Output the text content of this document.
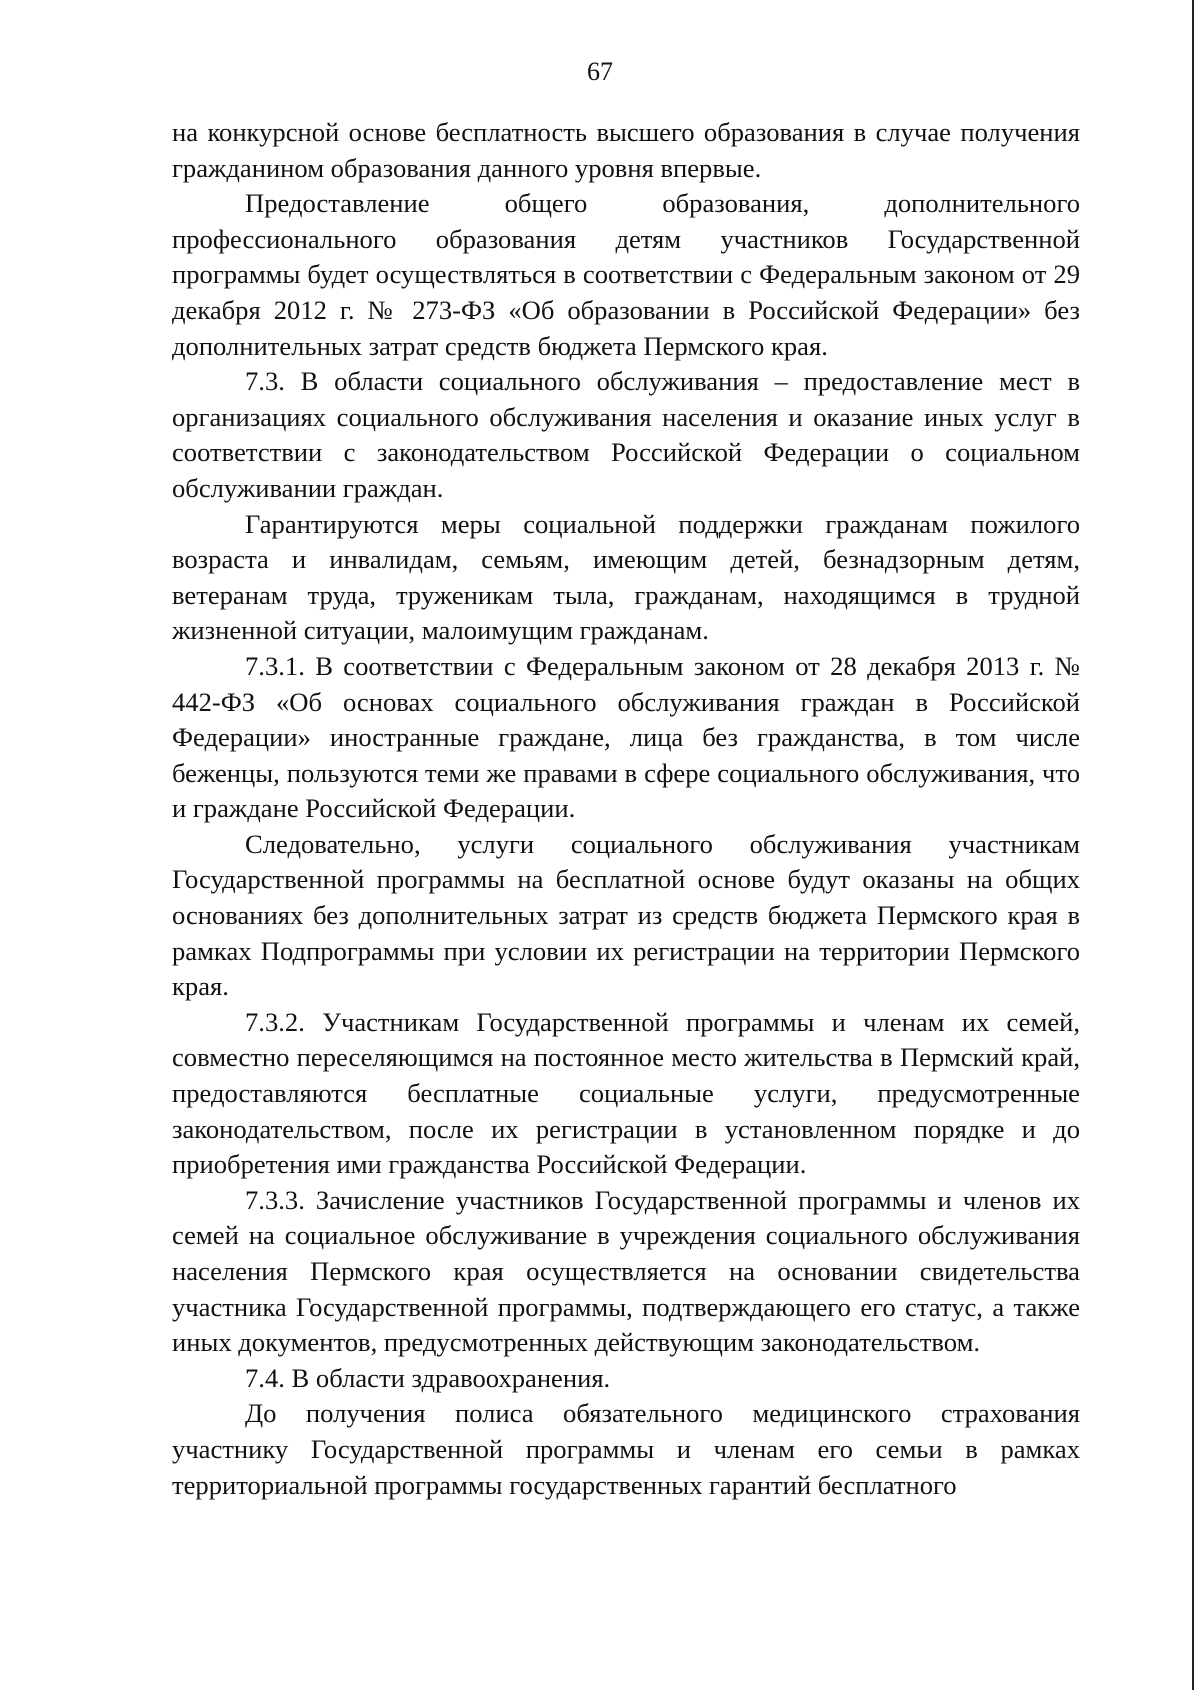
67

на конкурсной основе бесплатность высшего образования в случае получения гражданином образования данного уровня впервые.

Предоставление общего образования, дополнительного профессионального образования детям участников Государственной программы будет осуществляться в соответствии с Федеральным законом от 29 декабря 2012 г. № 273-ФЗ «Об образовании в Российской Федерации» без дополнительных затрат средств бюджета Пермского края.

7.3. В области социального обслуживания – предоставление мест в организациях социального обслуживания населения и оказание иных услуг в соответствии с законодательством Российской Федерации о социальном обслуживании граждан.

Гарантируются меры социальной поддержки гражданам пожилого возраста и инвалидам, семьям, имеющим детей, безнадзорным детям, ветеранам труда, труженикам тыла, гражданам, находящимся в трудной жизненной ситуации, малоимущим гражданам.

7.3.1. В соответствии с Федеральным законом от 28 декабря 2013 г. № 442-ФЗ «Об основах социального обслуживания граждан в Российской Федерации» иностранные граждане, лица без гражданства, в том числе беженцы, пользуются теми же правами в сфере социального обслуживания, что и граждане Российской Федерации.

Следовательно, услуги социального обслуживания участникам Государственной программы на бесплатной основе будут оказаны на общих основаниях без дополнительных затрат из средств бюджета Пермского края в рамках Подпрограммы при условии их регистрации на территории Пермского края.

7.3.2. Участникам Государственной программы и членам их семей, совместно переселяющимся на постоянное место жительства в Пермский край, предоставляются бесплатные социальные услуги, предусмотренные законодательством, после их регистрации в установленном порядке и до приобретения ими гражданства Российской Федерации.

7.3.3. Зачисление участников Государственной программы и членов их семей на социальное обслуживание в учреждения социального обслуживания населения Пермского края осуществляется на основании свидетельства участника Государственной программы, подтверждающего его статус, а также иных документов, предусмотренных действующим законодательством.

7.4. В области здравоохранения.

До получения полиса обязательного медицинского страхования участнику Государственной программы и членам его семьи в рамках территориальной программы государственных гарантий бесплатного
